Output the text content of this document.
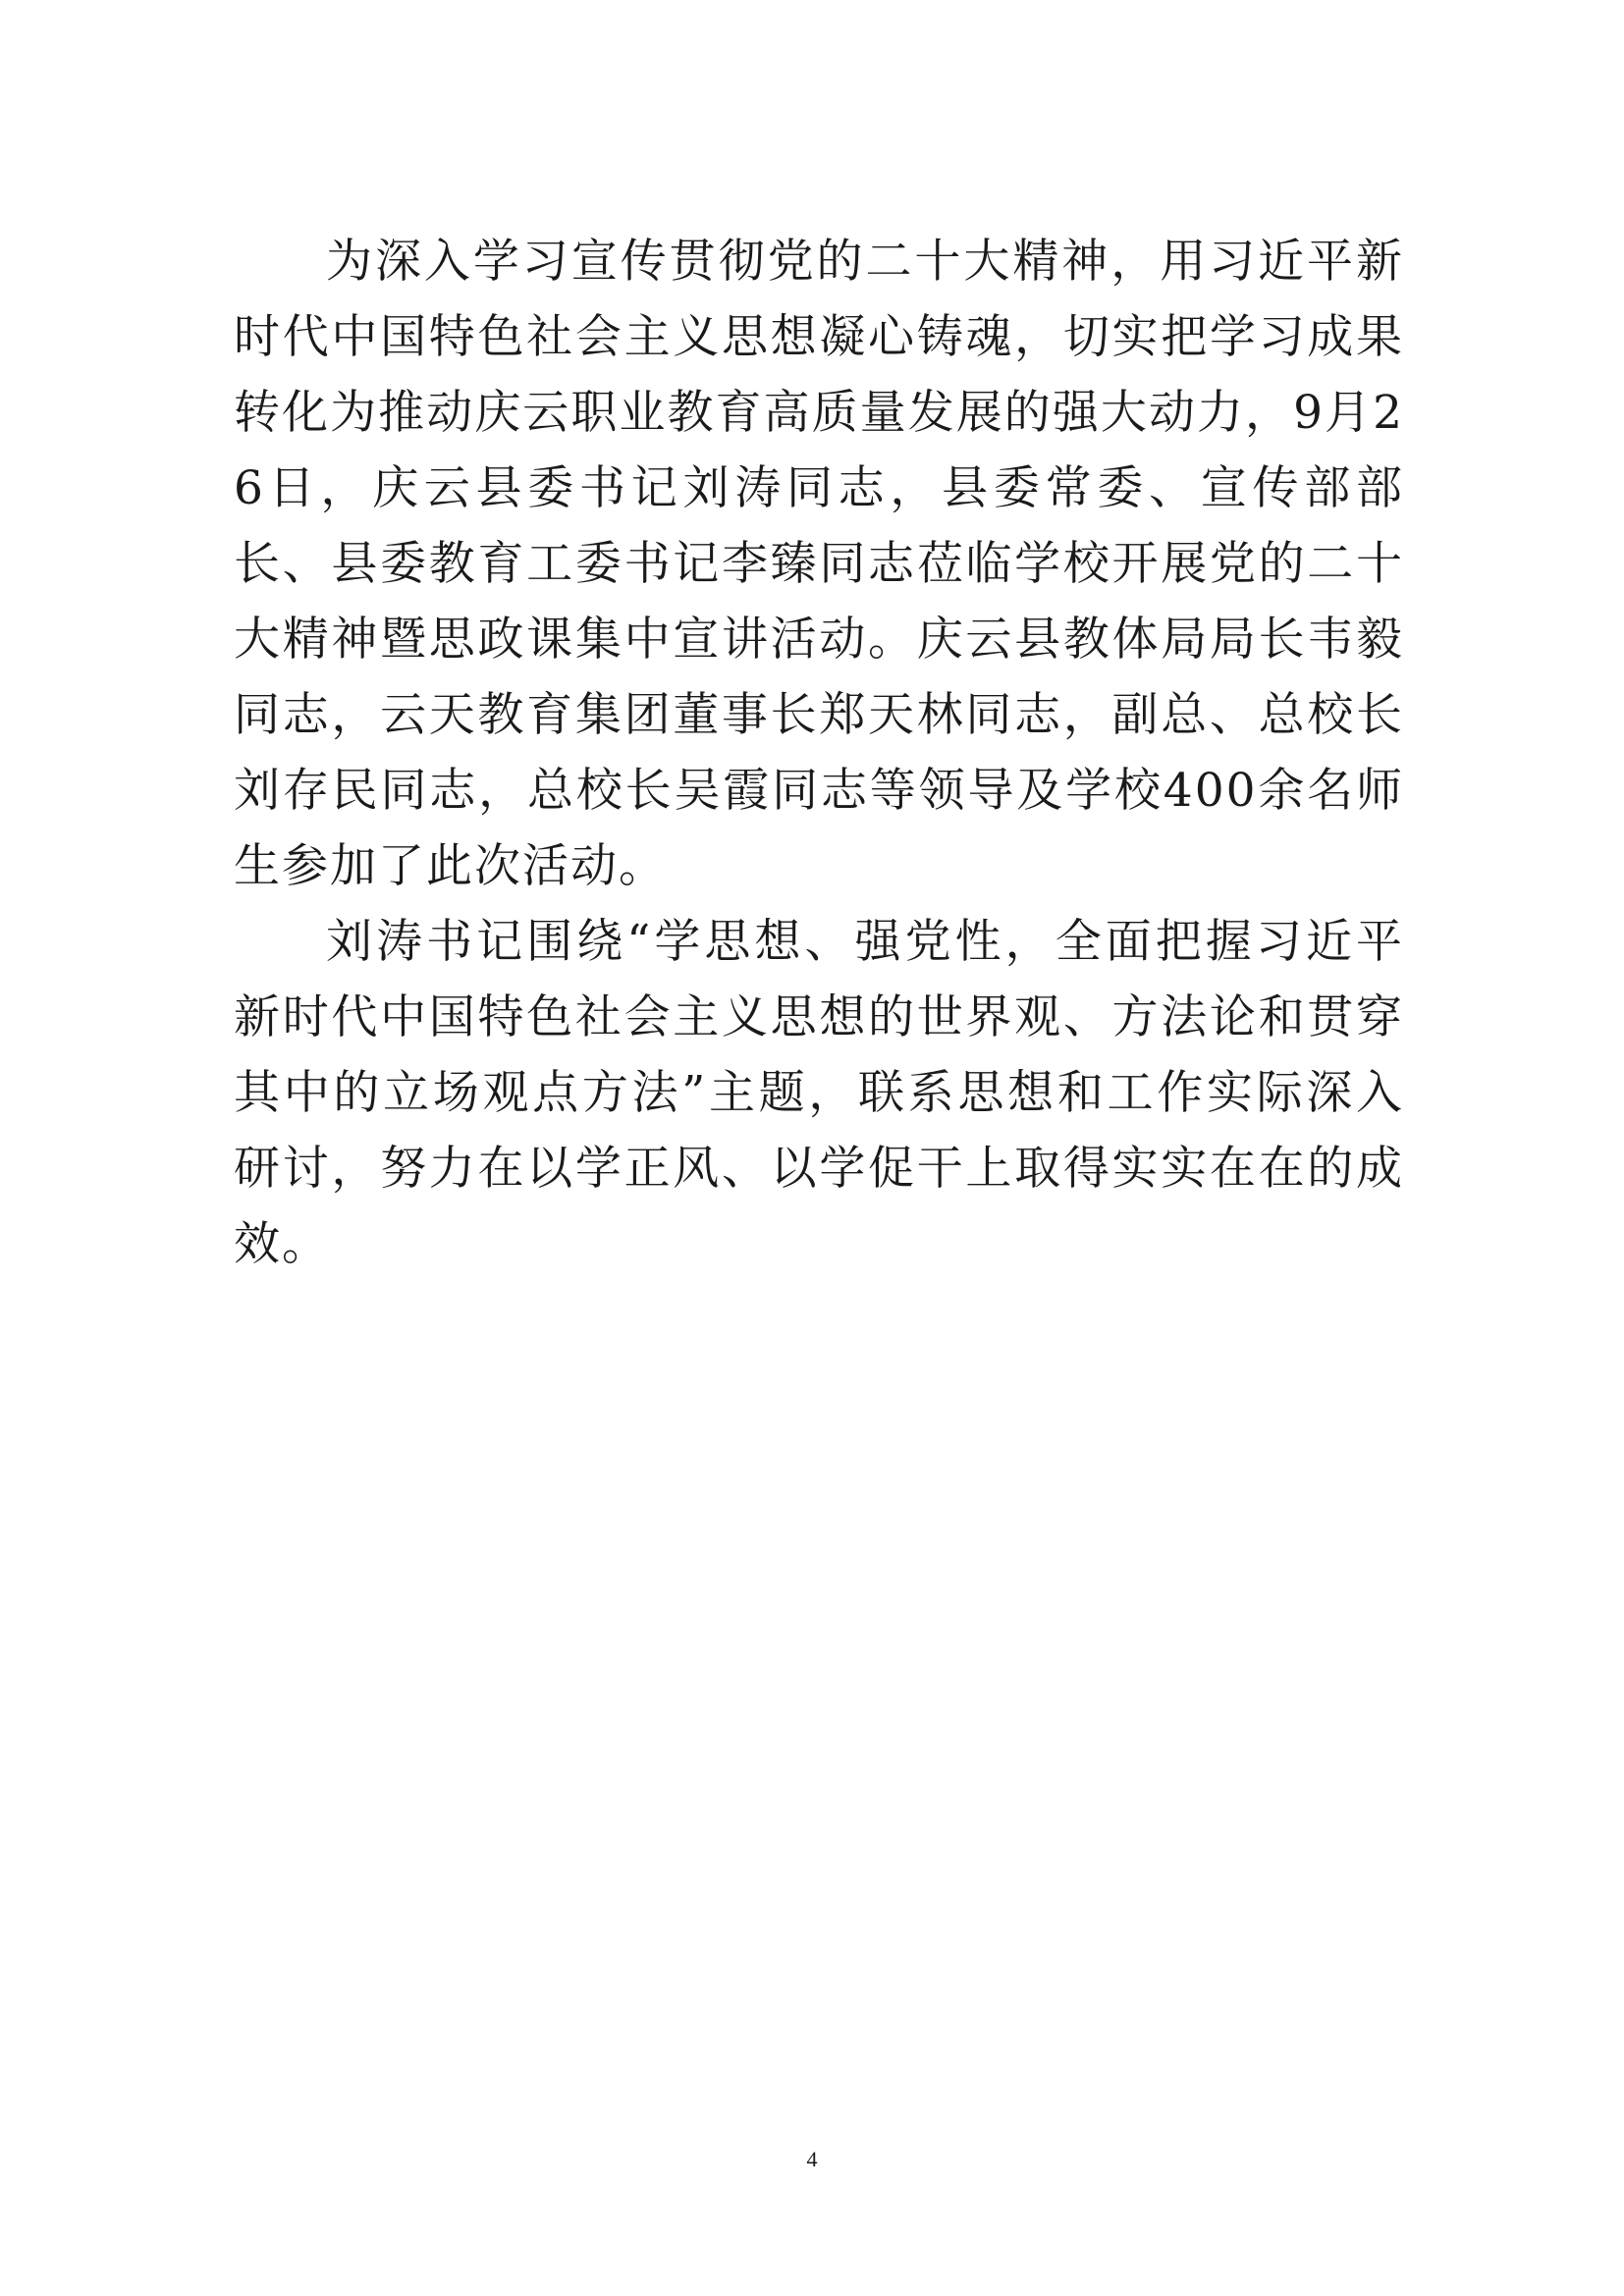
为深入学习宣传贯彻党的二十大精神，用习近平新时代中国特色社会主义思想凝心铸魂，切实把学习成果转化为推动庆云职业教育高质量发展的强大动力，9月26日，庆云县委书记刘涛同志，县委常委、宣传部部长、县委教育工委书记李臻同志莅临学校开展党的二十大精神暨思政课集中宣讲活动。庆云县教体局局长韦毅同志，云天教育集团董事长郑天林同志，副总、总校长刘存民同志，总校长吴霞同志等领导及学校400余名师生参加了此次活动。

刘涛书记围绕“学思想、强党性，全面把握习近平新时代中国特色社会主义思想的世界观、方法论和贯穿其中的立场观点方法”主题，联系思想和工作实际深入研讨，努力在以学正风、以学促干上取得实实在在的成效。

4
